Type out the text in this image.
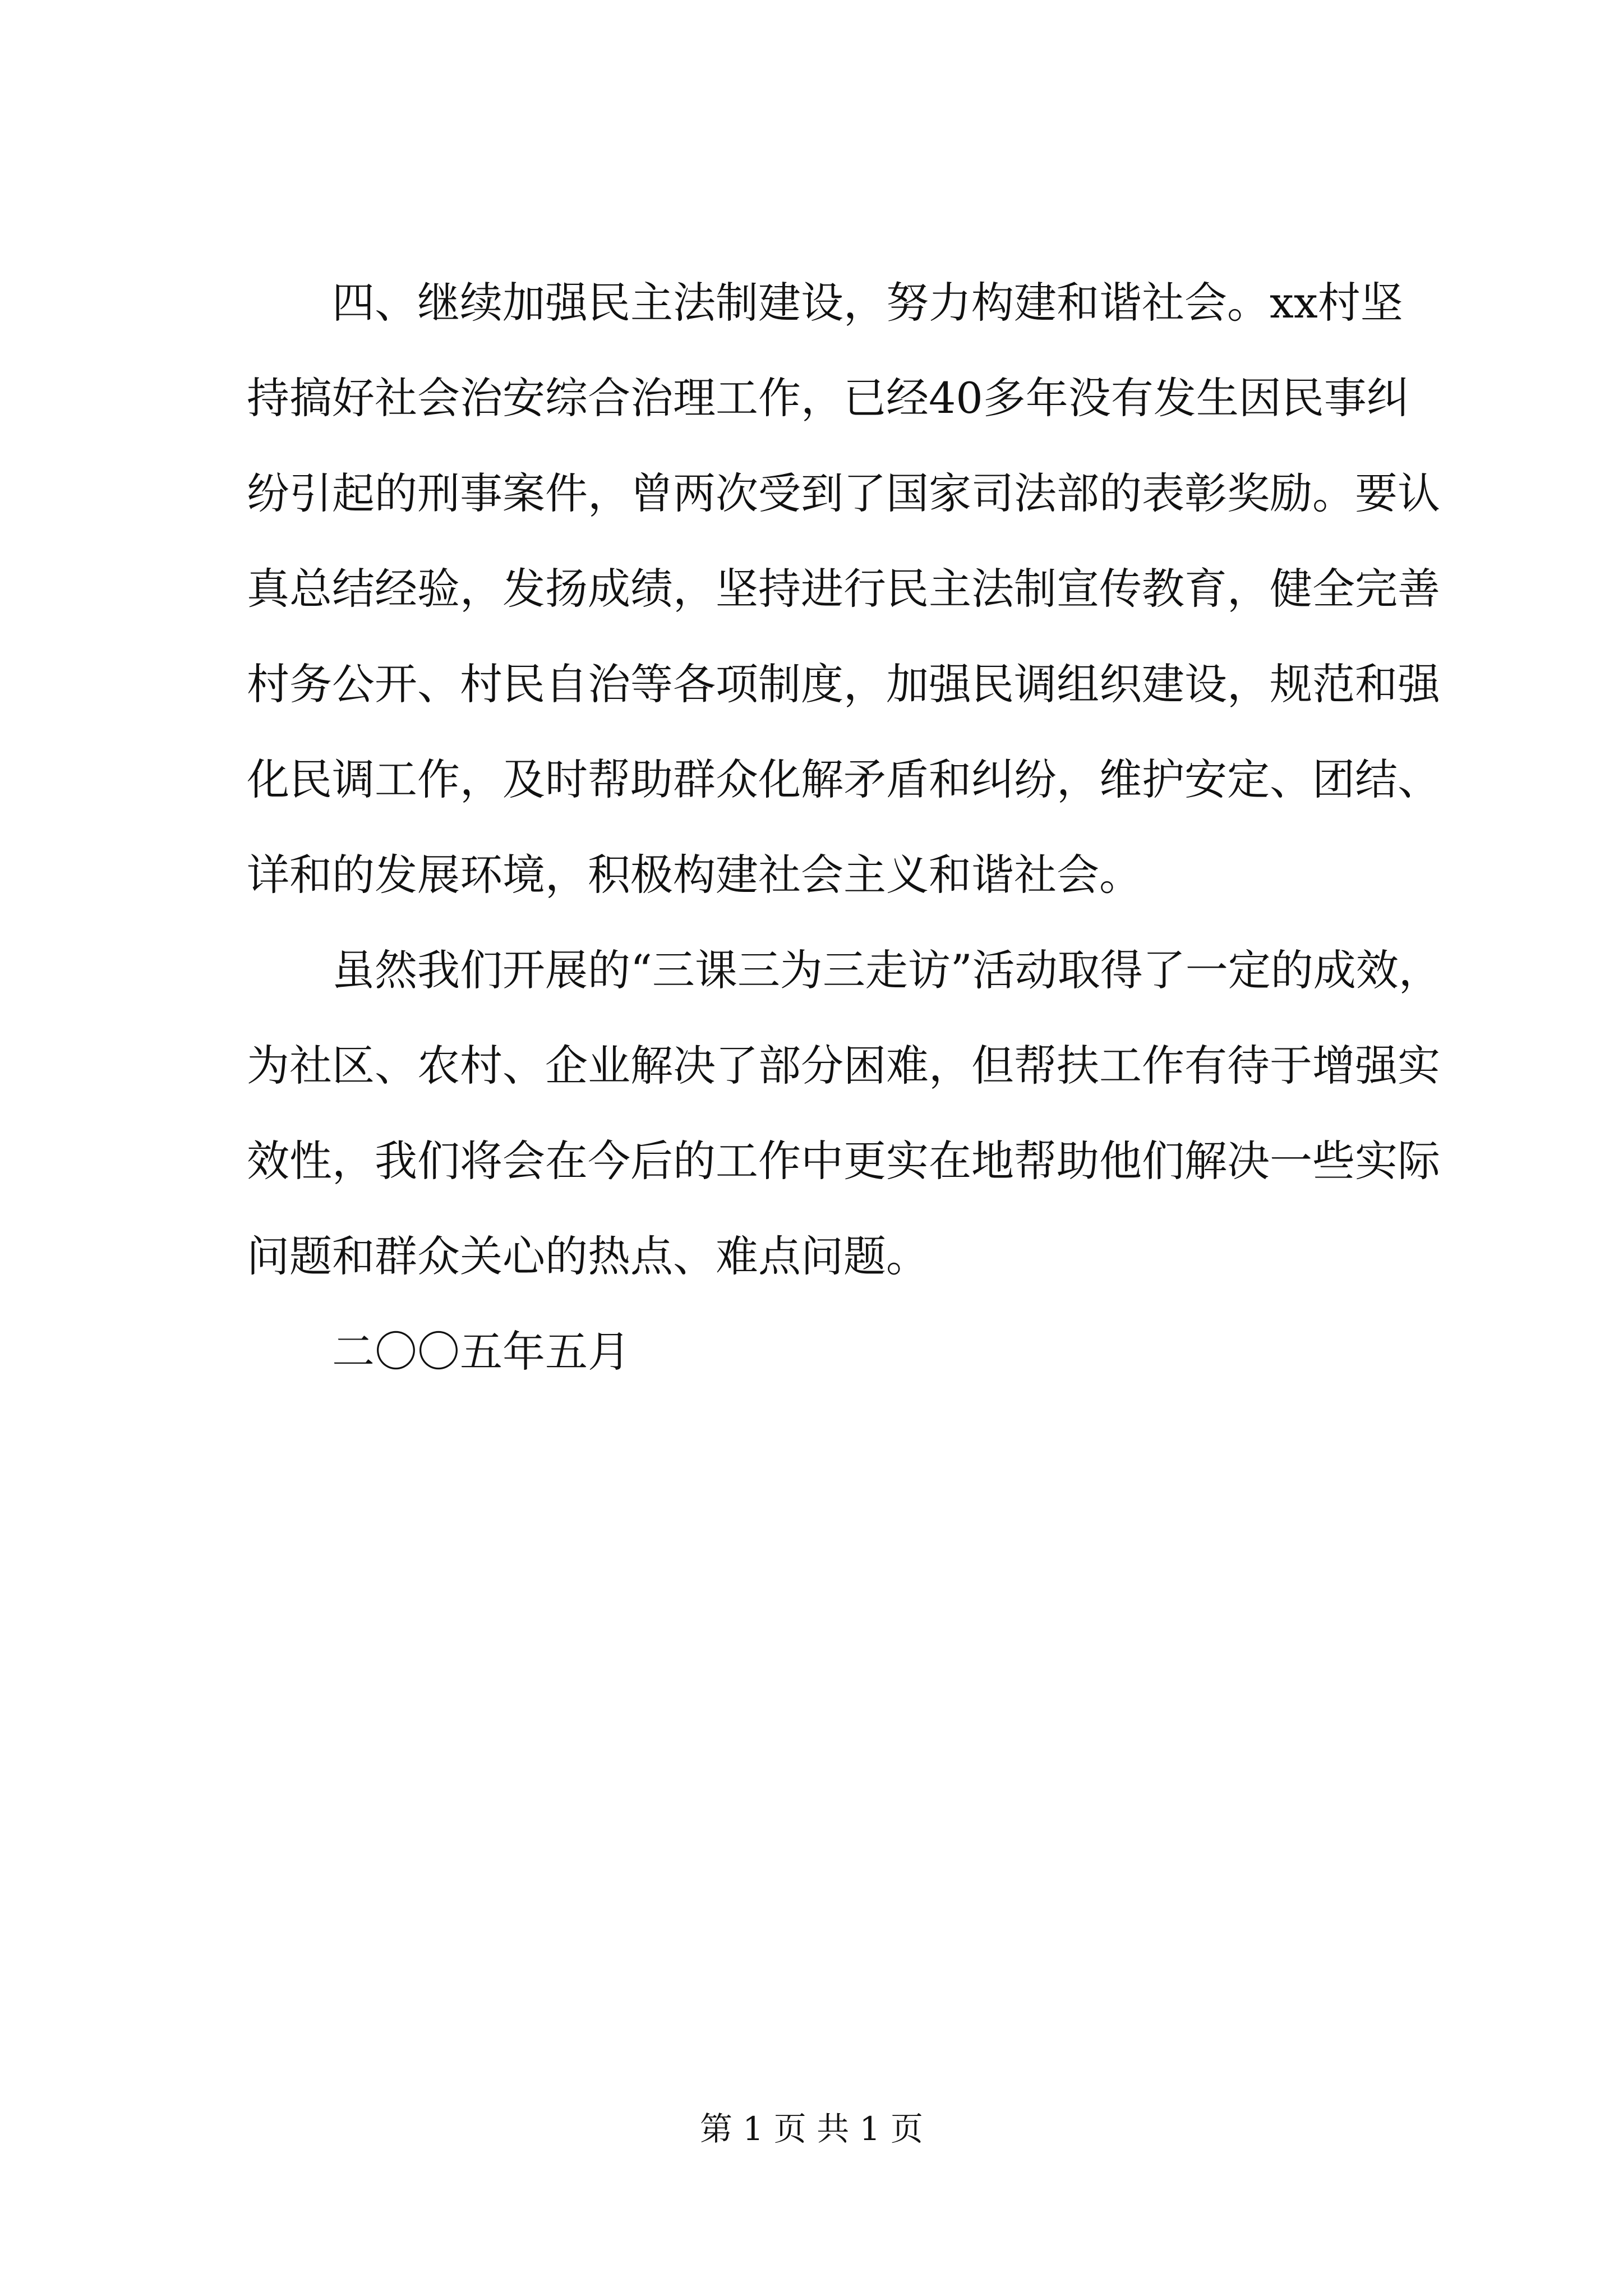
　　四、继续加强民主法制建设，努力构建和谐社会。xx村坚
持搞好社会治安综合治理工作，已经40多年没有发生因民事纠
纷引起的刑事案件，曾两次受到了国家司法部的表彰奖励。要认
真总结经验，发扬成绩，坚持进行民主法制宣传教育，健全完善
村务公开、村民自治等各项制度，加强民调组织建设，规范和强
化民调工作，及时帮助群众化解矛盾和纠纷，维护安定、团结、
详和的发展环境，积极构建社会主义和谐社会。
　　虽然我们开展的“三课三为三走访”活动取得了一定的成效，
为社区、农村、企业解决了部分困难，但帮扶工作有待于增强实
效性，我们将会在今后的工作中更实在地帮助他们解决一些实际
问题和群众关心的热点、难点问题。
　　二〇〇五年五月
第 1 页 共 1 页
